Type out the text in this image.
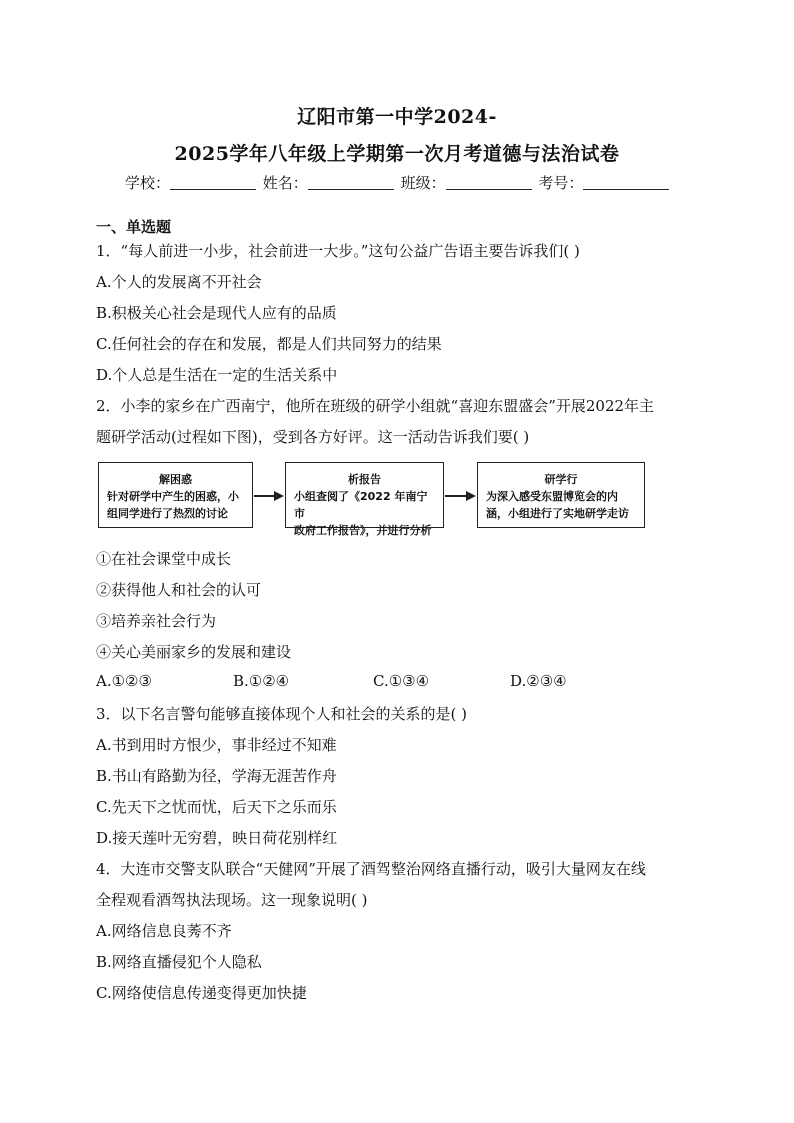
辽阳市第一中学2024-
2025学年八年级上学期第一次月考道德与法治试卷
学校：	姓名：	班级：	考号：
一、单选题
1．“每人前进一小步，社会前进一大步。”这句公益广告语主要告诉我们( )
A.个人的发展离不开社会
B.积极关心社会是现代人应有的品质
C.任何社会的存在和发展，都是人们共同努力的结果
D.个人总是生活在一定的生活关系中
2．小李的家乡在广西南宁，他所在班级的研学小组就“喜迎东盟盛会”开展2022年主
题研学活动(过程如下图)，受到各方好评。这一活动告诉我们要( )
解困惑
针对研学中产生的困惑，小
组同学进行了热烈的讨论
析报告
小组查阅了《2022 年南宁市
政府工作报告》，并进行分析
研学行
为深入感受东盟博览会的内
涵，小组进行了实地研学走访
①在社会课堂中成长
②获得他人和社会的认可
③培养亲社会行为
④关心美丽家乡的发展和建设
A.①②③	B.①②④	C.①③④	D.②③④
3．以下名言警句能够直接体现个人和社会的关系的是( )
A.书到用时方恨少，事非经过不知难
B.书山有路勤为径，学海无涯苦作舟
C.先天下之忧而忧，后天下之乐而乐
D.接天莲叶无穷碧，映日荷花别样红
4．大连市交警支队联合“天健网”开展了酒驾整治网络直播行动，吸引大量网友在线
全程观看酒驾执法现场。这一现象说明( )
A.网络信息良莠不齐
B.网络直播侵犯个人隐私
C.网络使信息传递变得更加快捷
